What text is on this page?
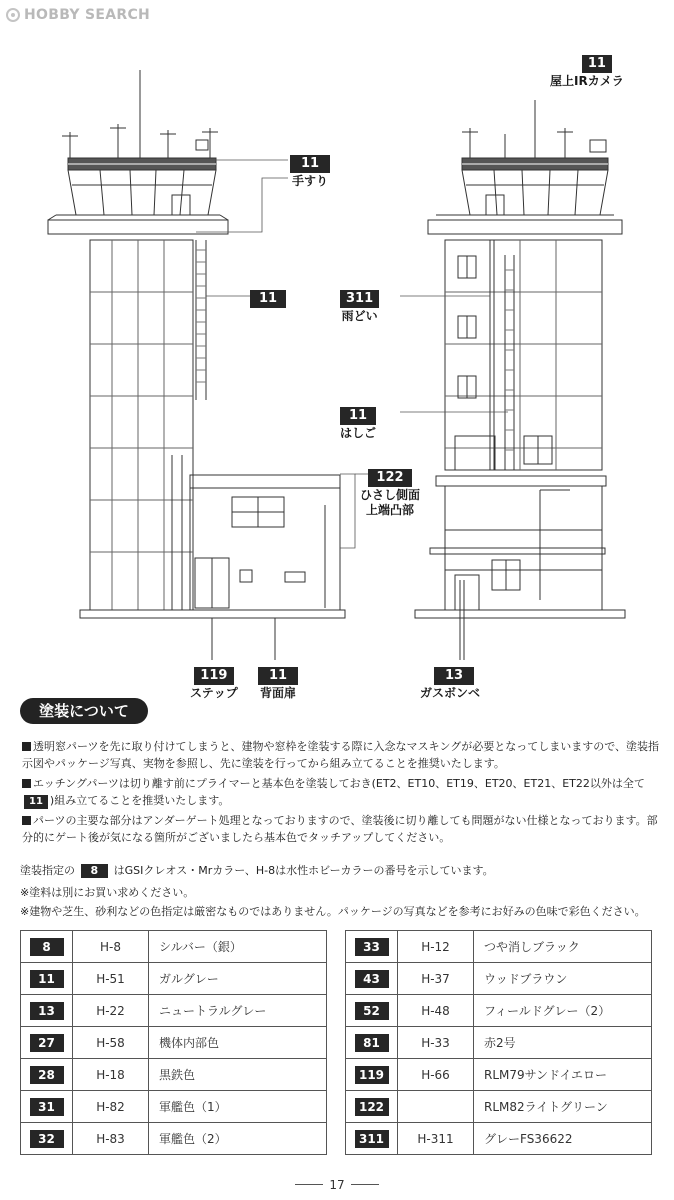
HOBBY SEARCH
11
屋上IRカメラ
11
手すり
11	311
雨どい
11
はしご
122
ひさし側面
上端凸部
119
ステップ
11
背面扉
13
ガスボンベ
塗装について
透明窓パーツを先に取り付けてしまうと、建物や窓枠を塗装する際に入念なマスキングが必要となってしまいますので、塗装指示図やパッケージ写真、実物を参照し、先に塗装を行ってから組み立てることを推奨いたします。
エッチングパーツは切り離す前にプライマーと基本色を塗装しておき(ET2、ET10、ET19、ET20、ET21、ET22以外は全て11 )組み立てることを推奨いたします。
パーツの主要な部分はアンダーゲート処理となっておりますので、塗装後に切り離しても問題がない仕様となっております。部分的にゲート後が気になる箇所がございましたら基本色でタッチアップしてください。
塗装指定の 8 はGSIクレオス・Mrカラー、H-8は水性ホビーカラーの番号を示しています。
※塗料は別にお買い求めください。
※建物や芝生、砂利などの色指定は厳密なものではありません。パッケージの写真などを参考にお好みの色味で彩色ください。
8	H-8	シルバー（銀）
11	H-51	ガルグレー
13	H-22	ニュートラルグレー
27	H-58	機体内部色
28	H-18	黒鉄色
31	H-82	軍艦色（1）
32	H-83	軍艦色（2）
33	H-12	つや消しブラック
43	H-37	ウッドブラウン
52	H-48	フィールドグレー（2）
81	H-33	赤2号
119	H-66	RLM79サンドイエロー
122		RLM82ライトグリーン
311	H-311	グレーFS36622
17
